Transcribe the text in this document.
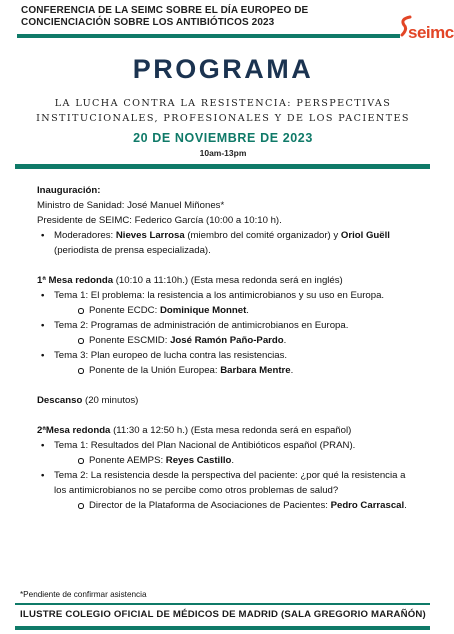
CONFERENCIA DE LA SEIMC SOBRE EL DÍA EUROPEO DE
CONCIENCIACIÓN SOBRE LOS ANTIBIÓTICOS 2023
seimc
PROGRAMA
LA LUCHA CONTRA LA RESISTENCIA: PERSPECTIVAS
INSTITUCIONALES, PROFESIONALES Y DE LOS PACIENTES
20 DE NOVIEMBRE DE 2023
10am-13pm

Inauguración:

Ministro de Sanidad: José Manuel Miñones*

Presidente de SEIMC: Federico García (10:00 a 10:10 h).

• Moderadores: Nieves Larrosa (miembro del comité organizador) y Oriol Guëll (periodista de prensa especializada).

1ª Mesa redonda (10:10 a 11:10h.) (Esta mesa redonda será en inglés)

• Tema 1: El problema: la resistencia a los antimicrobianos y su uso en Europa.
Ponente ECDC: Dominique Monnet.
• Tema 2: Programas de administración de antimicrobianos en Europa.
Ponente ESCMID: José Ramón Paño-Pardo.
• Tema 3: Plan europeo de lucha contra las resistencias.
Ponente de la Unión Europea: Barbara Mentre.

Descanso (20 minutos)

2ªMesa redonda (11:30 a 12:50 h.) (Esta mesa redonda será en español)

• Tema 1: Resultados del Plan Nacional de Antibióticos español (PRAN).
Ponente AEMPS: Reyes Castillo.
• Tema 2: La resistencia desde la perspectiva del paciente: ¿por qué la resistencia a los antimicrobianos no se percibe como otros problemas de salud?
Director de la Plataforma de Asociaciones de Pacientes: Pedro Carrascal.
*Pendiente de confirmar asistencia
ILUSTRE COLEGIO OFICIAL DE MÉDICOS DE MADRID (SALA GREGORIO MARAÑÓN)
